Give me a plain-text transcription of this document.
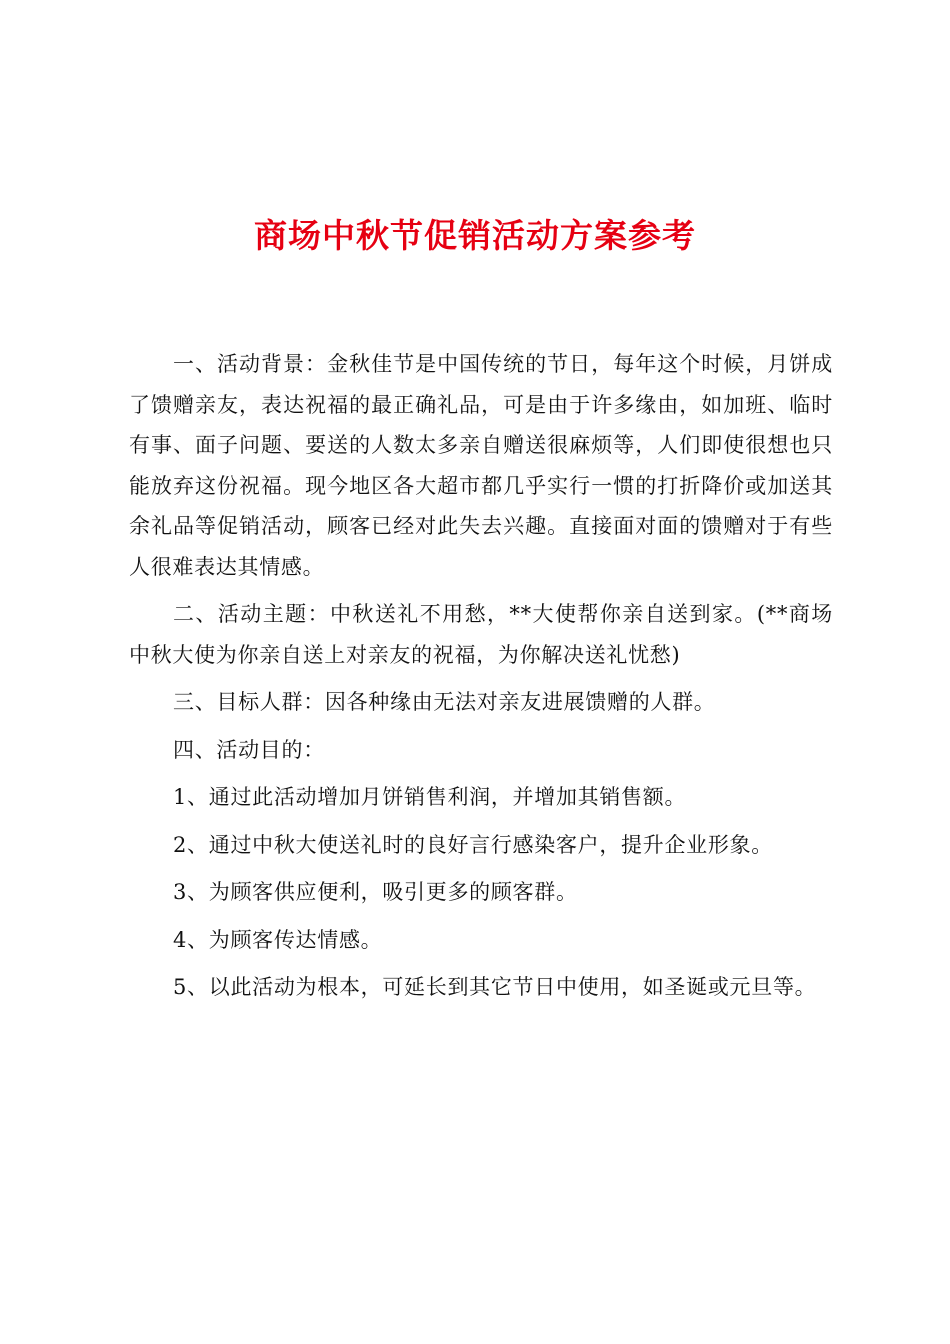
商场中秋节促销活动方案参考

一、活动背景：金秋佳节是中国传统的节日，每年这个时候，月饼成了馈赠亲友，表达祝福的最正确礼品，可是由于许多缘由，如加班、临时有事、面子问题、要送的人数太多亲自赠送很麻烦等，人们即使很想也只能放弃这份祝福。现今地区各大超市都几乎实行一惯的打折降价或加送其余礼品等促销活动，顾客已经对此失去兴趣。直接面对面的馈赠对于有些人很难表达其情感。

二、活动主题：中秋送礼不用愁，**大使帮你亲自送到家。(**商场中秋大使为你亲自送上对亲友的祝福，为你解决送礼忧愁)

三、目标人群：因各种缘由无法对亲友进展馈赠的人群。

四、活动目的：

1、通过此活动增加月饼销售利润，并增加其销售额。

2、通过中秋大使送礼时的良好言行感染客户，提升企业形象。

3、为顾客供应便利，吸引更多的顾客群。

4、为顾客传达情感。

5、以此活动为根本，可延长到其它节日中使用，如圣诞或元旦等。
